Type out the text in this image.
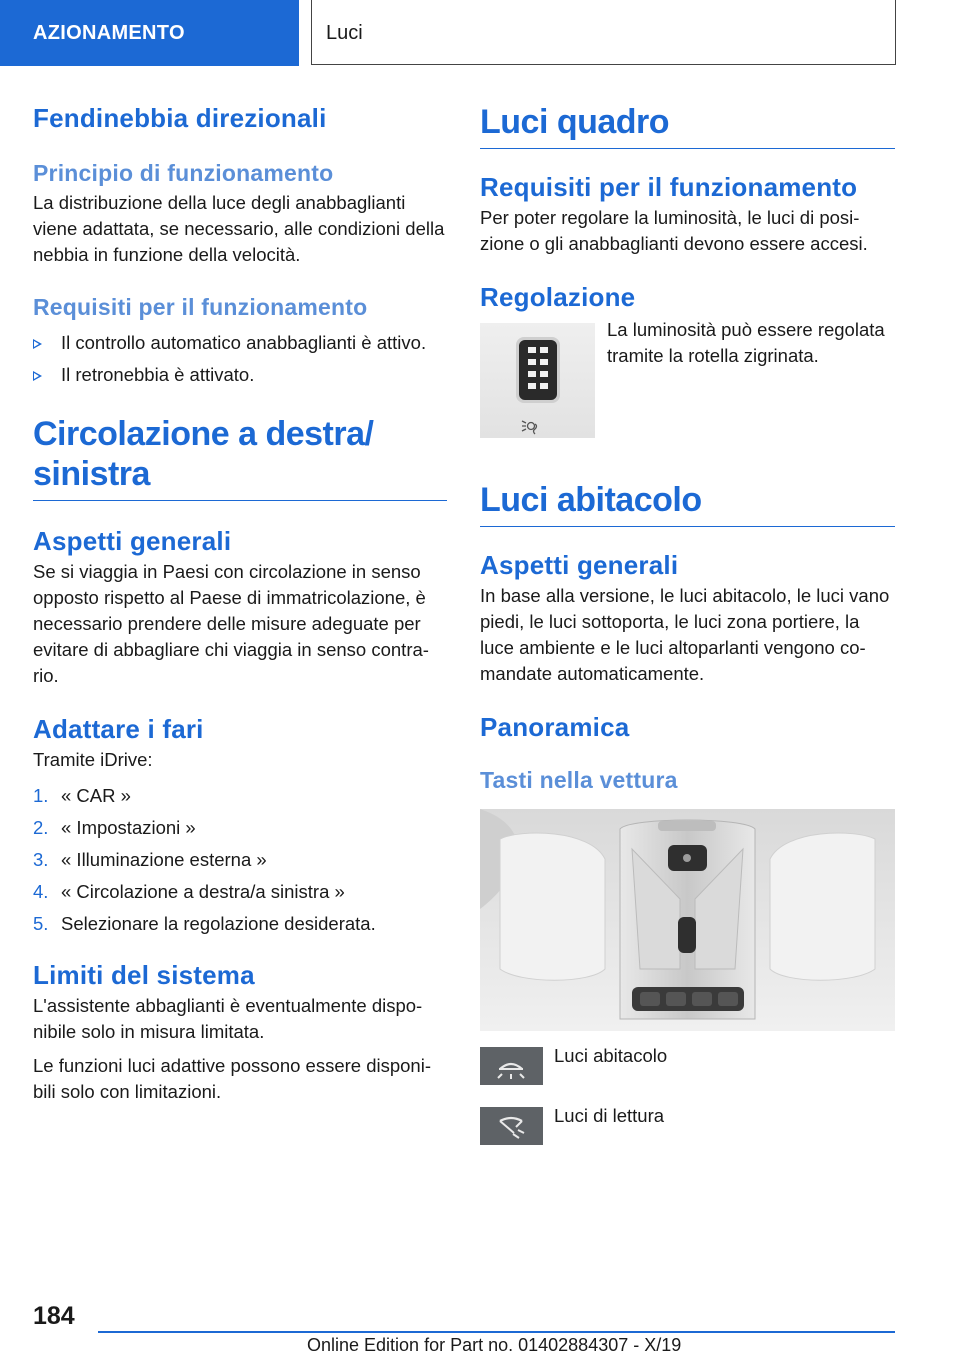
AZIONAMENTO	Luci
Fendinebbia direzionali
Principio di funzionamento
La distribuzione della luce degli anabbaglianti viene adattata, se necessario, alle condizioni della nebbia in funzione della velocità.
Requisiti per il funzionamento
Il controllo automatico anabbaglianti è attivo.
Il retronebbia è attivato.
Circolazione a destra/
sinistra
Aspetti generali
Se si viaggia in Paesi con circolazione in senso opposto rispetto al Paese di immatricolazione, è necessario prendere delle misure adeguate per evitare di abbagliare chi viaggia in senso contra-rio.
Adattare i fari
Tramite iDrive:
1. « CAR »
2. « Impostazioni »
3. « Illuminazione esterna »
4. « Circolazione a destra/a sinistra »
5. Selezionare la regolazione desiderata.
Limiti del sistema
L'assistente abbaglianti è eventualmente dispo-nibile solo in misura limitata.
Le funzioni luci adattive possono essere disponi-bili solo con limitazioni.
Luci quadro
Requisiti per il funzionamento
Per poter regolare la luminosità, le luci di posi-zione o gli anabbaglianti devono essere accesi.
Regolazione
La luminosità può essere regolata tramite la rotella zigrinata.
Luci abitacolo
Aspetti generali
In base alla versione, le luci abitacolo, le luci vano piedi, le luci sottoporta, le luci zona portiere, la luce ambiente e le luci altoparlanti vengono co-mandate automaticamente.
Panoramica
Tasti nella vettura
Luci abitacolo
Luci di lettura
184
Online Edition for Part no. 01402884307 - X/19
